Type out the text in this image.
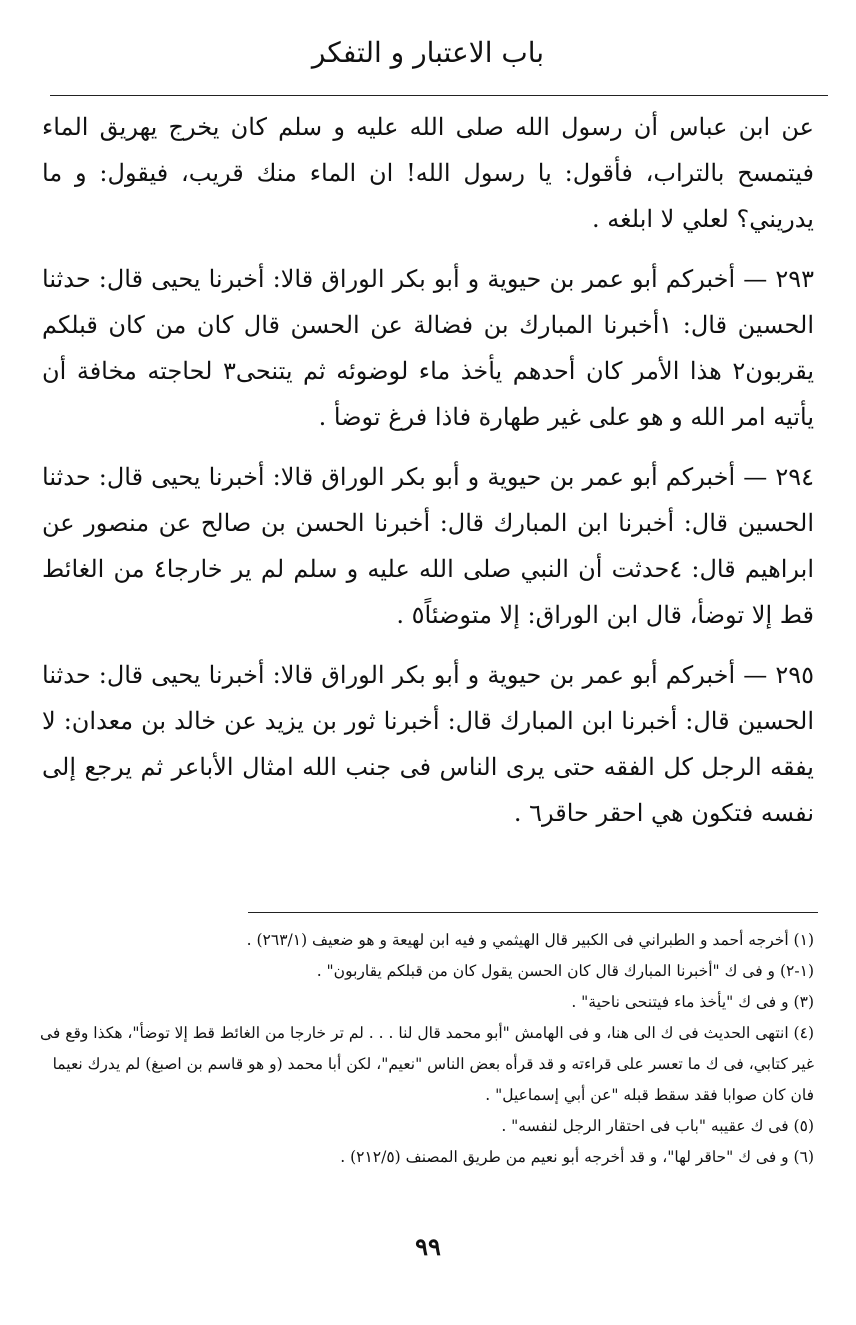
باب الاعتبار و التفكر

عن ابن عباس أن رسول الله صلى الله عليه و سلم كان يخرج يهريق الماء فيتمسح بالتراب، فأقول: يا رسول الله! ان الماء منك قريب، فيقول: و ما يدريني؟ لعلي لا ابلغه .

٢٩٣ — أخبركم أبو عمر بن حيوية و أبو بكر الوراق قالا: أخبرنا يحيى قال: حدثنا الحسين قال: ١أخبرنا المبارك بن فضالة عن الحسن قال كان من كان قبلكم يقربون٢ هذا الأمر كان أحدهم يأخذ ماء لوضوئه ثم يتنحى٣ لحاجته مخافة أن يأتيه امر الله و هو على غير طهارة فاذا فرغ توضأ .

٢٩٤ — أخبركم أبو عمر بن حيوية و أبو بكر الوراق قالا: أخبرنا يحيى قال: حدثنا الحسين قال: أخبرنا ابن المبارك قال: أخبرنا الحسن بن صالح عن منصور عن ابراهيم قال: ٤حدثت أن النبي صلى الله عليه و سلم لم ير خارجا٤ من الغائط قط إلا توضأ، قال ابن الوراق: إلا متوضئاً٥ .

٢٩٥ — أخبركم أبو عمر بن حيوية و أبو بكر الوراق قالا: أخبرنا يحيى قال: حدثنا الحسين قال: أخبرنا ابن المبارك قال: أخبرنا ثور بن يزيد عن خالد بن معدان: لا يفقه الرجل كل الفقه حتى يرى الناس فى جنب الله امثال الأباعر ثم يرجع إلى نفسه فتكون هي احقر حاقر٦ .

(١) أخرجه أحمد و الطبراني فى الكبير قال الهيثمي و فيه ابن لهيعة و هو ضعيف (٢٦٣/١) .

(١-٢) و فى ك "أخبرنا المبارك قال كان الحسن يقول كان من قبلكم يقاربون" .

(٣) و فى ك "يأخذ ماء فيتنحى ناحية" .

(٤) انتهى الحديث فى ك الى هنا، و فى الهامش "أبو محمد قال لنا . . . لم تر خارجا من الغائط قط إلا توضأ"، هكذا وقع فى غير كتابي، فى ك ما تعسر على قراءته و قد قرأه بعض الناس "نعيم"، لكن أبا محمد (و هو قاسم بن اصبغ) لم يدرك نعيما فان كان صوابا فقد سقط قبله "عن أبي إسماعيل" .

(٥) فى ك عقيبه "باب فى احتقار الرجل لنفسه" .

(٦) و فى ك "حاقر لها"، و قد أخرجه أبو نعيم من طريق المصنف (٢١٢/٥) .

٩٩
